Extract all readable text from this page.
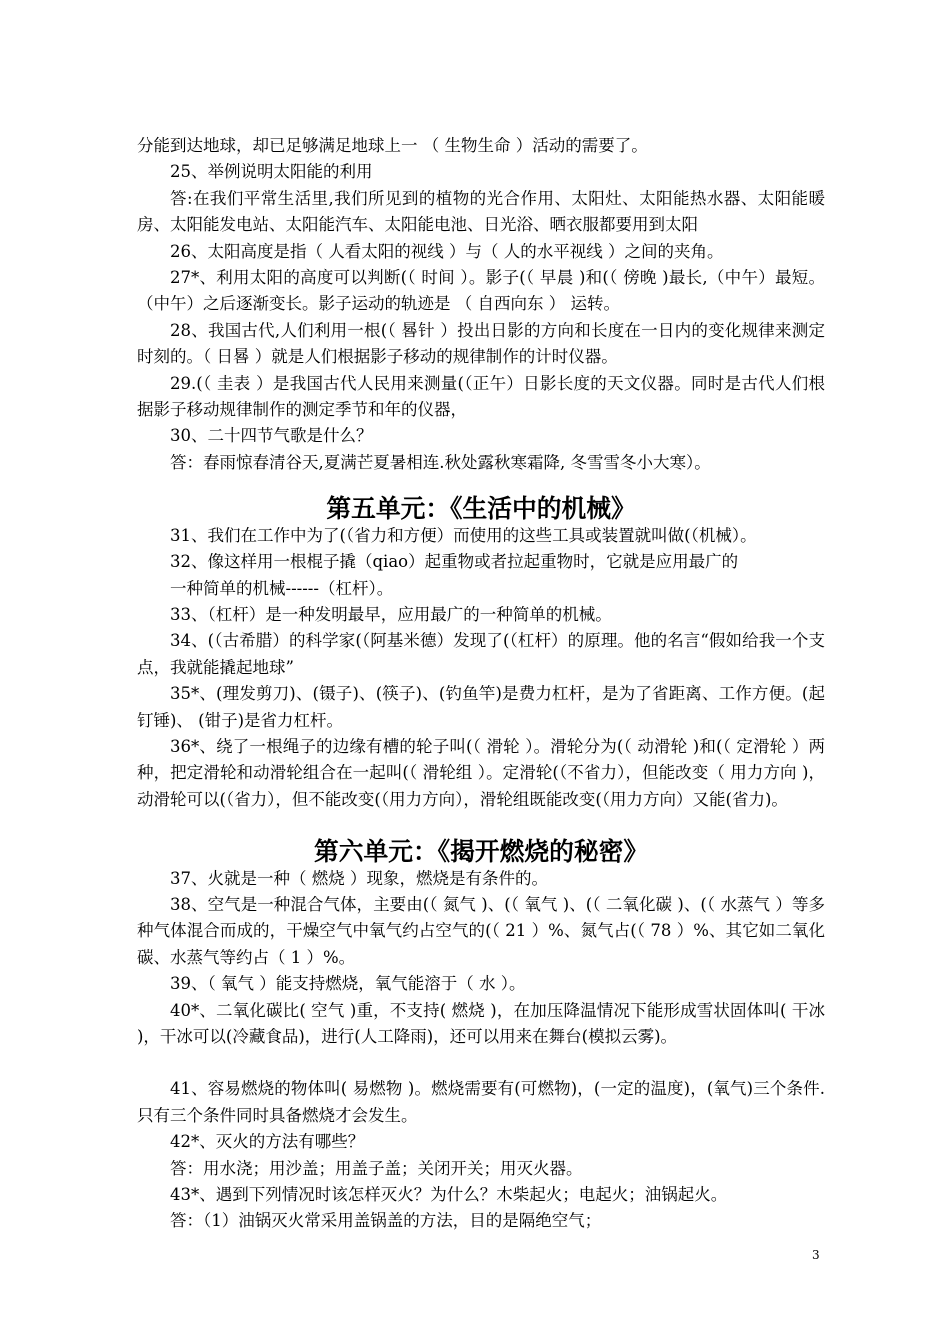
分能到达地球，却已足够满足地球上一 （ 生物生命 ）活动的需要了。

25、举例说明太阳能的利用

答:在我们平常生活里,我们所见到的植物的光合作用、太阳灶、太阳能热水器、太阳能暖房、太阳能发电站、太阳能汽车、太阳能电池、日光浴、晒衣服都要用到太阳

26、太阳高度是指（ 人看太阳的视线 ）与（ 人的水平视线 ）之间的夹角。

27*、利用太阳的高度可以判断(（ 时间 ）。影子(（ 早晨 )和(（ 傍晚 )最长,（中午）最短。（中午）之后逐渐变长。影子运动的轨迹是 （ 自西向东 ） 运转。

28、我国古代,人们利用一根(（ 晷针 ）投出日影的方向和长度在一日内的变化规律来测定时刻的。（ 日晷 ）就是人们根据影子移动的规律制作的计时仪器。

29.(（ 圭表 ）是我国古代人民用来测量(（正午）日影长度的天文仪器。同时是古代人们根据影子移动规律制作的测定季节和年的仪器，

30、二十四节气歌是什么？

答：春雨惊春清谷天,夏满芒夏暑相连.秋处露秋寒霜降, 冬雪雪冬小大寒）。

第五单元：《生活中的机械》

31、我们在工作中为了(（省力和方便）而使用的这些工具或装置就叫做(（机械）。

32、像这样用一根棍子撬（qiao）起重物或者拉起重物时，它就是应用最广的

一种简单的机械------（杠杆）。

33、（杠杆）是一种发明最早，应用最广的一种简单的机械。

34、(（古希腊）的科学家(（阿基米德）发现了(（杠杆）的原理。他的名言“假如给我一个支点，我就能撬起地球”

35*、(理发剪刀)、(镊子)、(筷子)、(钓鱼竿)是费力杠杆，是为了省距离、工作方便。(起钉锤)、 (钳子)是省力杠杆。

36*、绕了一根绳子的边缘有槽的轮子叫(（ 滑轮 ）。滑轮分为(（ 动滑轮 )和(（ 定滑轮 ）两种，把定滑轮和动滑轮组合在一起叫(（ 滑轮组 ）。定滑轮(（不省力），但能改变（ 用力方向 )，动滑轮可以(（省力），但不能改变(（用力方向），滑轮组既能改变(（用力方向）又能(省力)。

第六单元：《揭开燃烧的秘密》

37、火就是一种（ 燃烧 ）现象，燃烧是有条件的。

38、空气是一种混合气体，主要由(（ 氮气 )、(（ 氧气 )、(（ 二氧化碳 )、(（ 水蒸气 ）等多种气体混合而成的，干燥空气中氧气约占空气的(（ 21 ）%、氮气占(（ 78 ）%、其它如二氧化碳、水蒸气等约占（ 1 ）%。

39、（ 氧气 ）能支持燃烧，氧气能溶于（ 水 ）。

40*、二氧化碳比( 空气 )重，不支持( 燃烧 )，在加压降温情况下能形成雪状固体叫( 干冰 )，干冰可以(冷藏食品)，进行(人工降雨)，还可以用来在舞台(模拟云雾)。

41、容易燃烧的物体叫( 易燃物 )。燃烧需要有(可燃物)，(一定的温度)，(氧气)三个条件.只有三个条件同时具备燃烧才会发生。

42*、灭火的方法有哪些？

答：用水浇；用沙盖；用盖子盖；关闭开关；用灭火器。

43*、遇到下列情况时该怎样灭火？为什么？木柴起火；电起火；油锅起火。

答：（1）油锅灭火常采用盖锅盖的方法，目的是隔绝空气；

3
